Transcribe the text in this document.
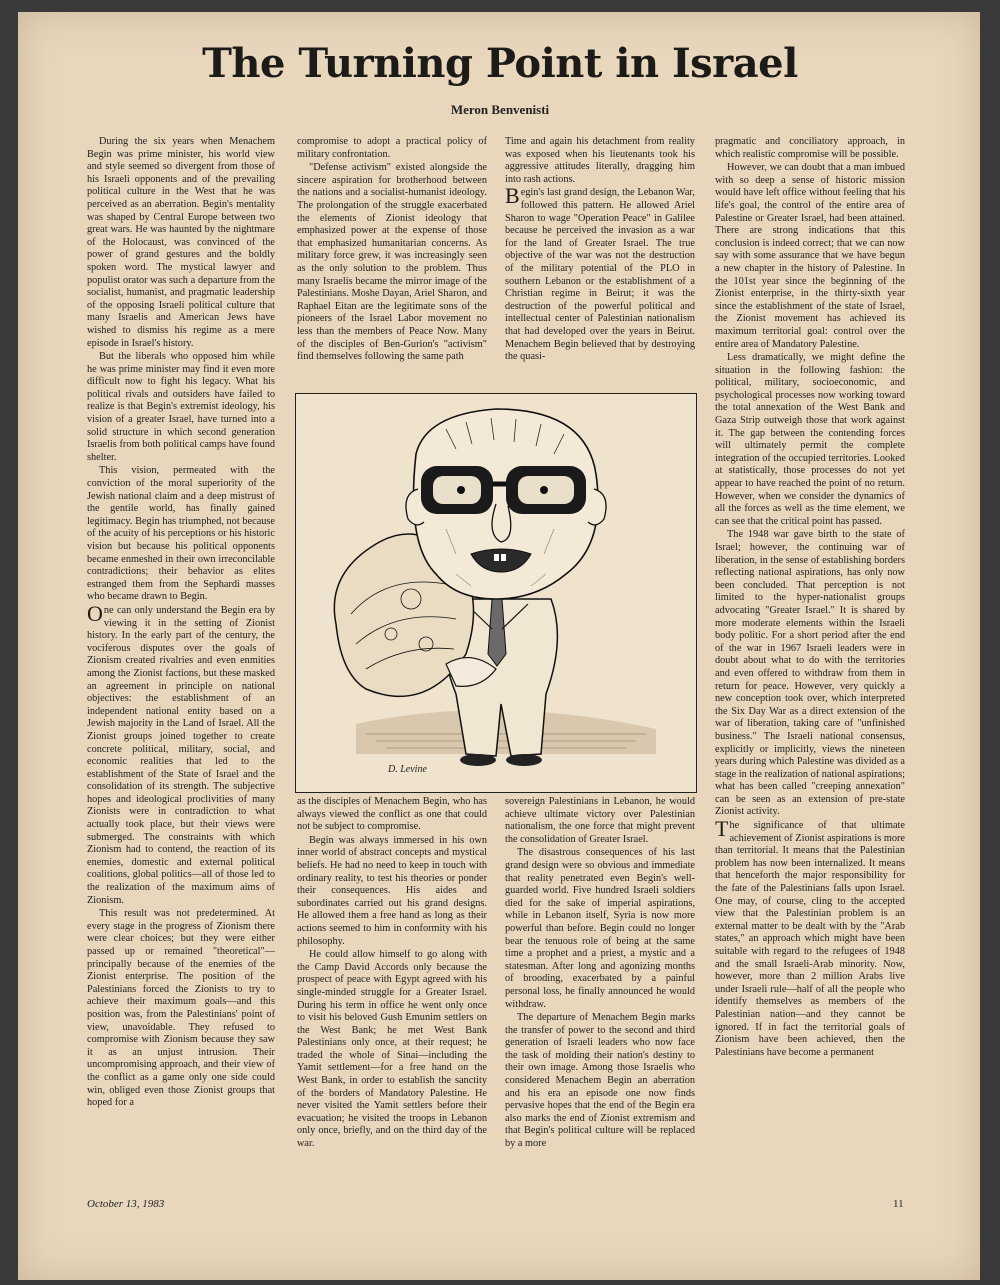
The Turning Point in Israel
Meron Benvenisti

During the six years when Menachem Begin was prime minister, his world view and style seemed so divergent from those of his Israeli opponents and of the prevailing political culture in the West that he was perceived as an aberration. Begin's mentality was shaped by Central Europe between two great wars. He was haunted by the nightmare of the Holocaust, was convinced of the power of grand gestures and the boldly spoken word. The mystical lawyer and populist orator was such a departure from the socialist, humanist, and pragmatic leadership of the opposing Israeli political culture that many Israelis and American Jews have wished to dismiss his regime as a mere episode in Israel's history.

But the liberals who opposed him while he was prime minister may find it even more difficult now to fight his legacy. What his political rivals and outsiders have failed to realize is that Begin's extremist ideology, his vision of a greater Israel, have turned into a solid structure in which second generation Israelis from both political camps have found shelter.

This vision, permeated with the conviction of the moral superiority of the Jewish national claim and a deep mistrust of the gentile world, has finally gained legitimacy. Begin has triumphed, not because of the acuity of his perceptions or his historic vision but because his political opponents became enmeshed in their own irreconcilable contradictions; their behavior as elites estranged them from the Sephardi masses who became drawn to Begin.

One can only understand the Begin era by viewing it in the setting of Zionist history. In the early part of the century, the vociferous disputes over the goals of Zionism created rivalries and even enmities among the Zionist factions, but these masked an agreement in principle on national objectives: the establishment of an independent national entity based on a Jewish majority in the Land of Israel. All the Zionist groups joined together to create concrete political, military, social, and economic realities that led to the establishment of the State of Israel and the consolidation of its strength. The subjective hopes and ideological proclivities of many Zionists were in contradiction to what actually took place, but their views were submerged. The constraints with which Zionism had to contend, the reaction of its enemies, domestic and external political coalitions, global politics—all of those led to the realization of the maximum aims of Zionism.

This result was not predetermined. At every stage in the progress of Zionism there were clear choices; but they were either passed up or remained "theoretical"—principally because of the enemies of the Zionist enterprise. The position of the Palestinians forced the Zionists to try to achieve their maximum goals—and this position was, from the Palestinians' point of view, unavoidable. They refused to compromise with Zionism because they saw it as an unjust intrusion. Their uncompromising approach, and their view of the conflict as a game only one side could win, obliged even those Zionist groups that hoped for a

compromise to adopt a practical policy of military confrontation.

"Defense activism" existed alongside the sincere aspiration for brotherhood between the nations and a socialist-humanist ideology. The prolongation of the struggle exacerbated the elements of Zionist ideology that emphasized power at the expense of those that emphasized humanitarian concerns. As military force grew, it was increasingly seen as the only solution to the problem. Thus many Israelis became the mirror image of the Palestinians. Moshe Dayan, Ariel Sharon, and Raphael Eitan are the legitimate sons of the pioneers of the Israel Labor movement no less than the members of Peace Now. Many of the disciples of Ben-Gurion's "activism" find themselves following the same path

as the disciples of Menachem Begin, who has always viewed the conflict as one that could not be subject to compromise.

Begin was always immersed in his own inner world of abstract concepts and mystical beliefs. He had no need to keep in touch with ordinary reality, to test his theories or ponder their consequences. His aides and subordinates carried out his grand designs. He allowed them a free hand as long as their actions seemed to him in conformity with his philosophy.

He could allow himself to go along with the Camp David Accords only because the prospect of peace with Egypt agreed with his single-minded struggle for a Greater Israel. During his term in office he went only once to visit his beloved Gush Emunim settlers on the West Bank; he met West Bank Palestinians only once, at their request; he traded the whole of Sinai—including the Yamit settlement—for a free hand on the West Bank, in order to establish the sanctity of the borders of Mandatory Palestine. He never visited the Yamit settlers before their evacuation; he visited the troops in Lebanon only once, briefly, and on the third day of the war.

Time and again his detachment from reality was exposed when his lieutenants took his aggressive attitudes literally, dragging him into rash actions.

Begin's last grand design, the Lebanon War, followed this pattern. He allowed Ariel Sharon to wage "Operation Peace" in Galilee because he perceived the invasion as a war for the land of Greater Israel. The true objective of the war was not the destruction of the military potential of the PLO in southern Lebanon or the establishment of a Christian regime in Beirut; it was the destruction of the powerful political and intellectual center of Palestinian nationalism that had developed over the years in Beirut. Menachem Begin believed that by destroying the quasi-

sovereign Palestinians in Lebanon, he would achieve ultimate victory over Palestinian nationalism, the one force that might prevent the consolidation of Greater Israel.

The disastrous consequences of his last grand design were so obvious and immediate that reality penetrated even Begin's well-guarded world. Five hundred Israeli soldiers died for the sake of imperial aspirations, while in Lebanon itself, Syria is now more powerful than before. Begin could no longer bear the tenuous role of being at the same time a prophet and a priest, a mystic and a statesman. After long and agonizing months of brooding, exacerbated by a painful personal loss, he finally announced he would withdraw.

The departure of Menachem Begin marks the transfer of power to the second and third generation of Israeli leaders who now face the task of molding their nation's destiny to their own image. Among those Israelis who considered Menachem Begin an aberration and his era an episode one now finds pervasive hopes that the end of the Begin era also marks the end of Zionist extremism and that Begin's political culture will be replaced by a more

pragmatic and conciliatory approach, in which realistic compromise will be possible.

However, we can doubt that a man imbued with so deep a sense of historic mission would have left office without feeling that his life's goal, the control of the entire area of Palestine or Greater Israel, had been attained. There are strong indications that this conclusion is indeed correct; that we can now say with some assurance that we have begun a new chapter in the history of Palestine. In the 101st year since the beginning of the Zionist enterprise, in the thirty-sixth year since the establishment of the state of Israel, the Zionist movement has achieved its maximum territorial goal: control over the entire area of Mandatory Palestine.

Less dramatically, we might define the situation in the following fashion: the political, military, socioeconomic, and psychological processes now working toward the total annexation of the West Bank and Gaza Strip outweigh those that work against it. The gap between the contending forces will ultimately permit the complete integration of the occupied territories. Looked at statistically, those processes do not yet appear to have reached the point of no return. However, when we consider the dynamics of all the forces as well as the time element, we can see that the critical point has passed.

The 1948 war gave birth to the state of Israel; however, the continuing war of liberation, in the sense of establishing borders reflecting national aspirations, has only now been concluded. That perception is not limited to the hyper-nationalist groups advocating "Greater Israel." It is shared by more moderate elements within the Israeli body politic. For a short period after the end of the war in 1967 Israeli leaders were in doubt about what to do with the territories and even offered to withdraw from them in return for peace. However, very quickly a new conception took over, which interpreted the Six Day War as a direct extension of the war of liberation, taking care of "unfinished business." The Israeli national consensus, explicitly or implicitly, views the nineteen years during which Palestine was divided as a stage in the realization of national aspirations; what has been called "creeping annexation" can be seen as an extension of pre-state Zionist activity.

The significance of that ultimate achievement of Zionist aspirations is more than territorial. It means that the Palestinian problem has now been internalized. It means that henceforth the major responsibility for the fate of the Palestinians falls upon Israel. One may, of course, cling to the accepted view that the Palestinian problem is an external matter to be dealt with by the "Arab states," an approach which might have been suitable with regard to the refugees of 1948 and the small Israeli-Arab minority. Now, however, more than 2 million Arabs live under Israeli rule—half of all the people who identify themselves as members of the Palestinian nation—and they cannot be ignored. If in fact the territorial goals of Zionism have been achieved, then the Palestinians have become a permanent

D. Levine
October 13, 1983	11
